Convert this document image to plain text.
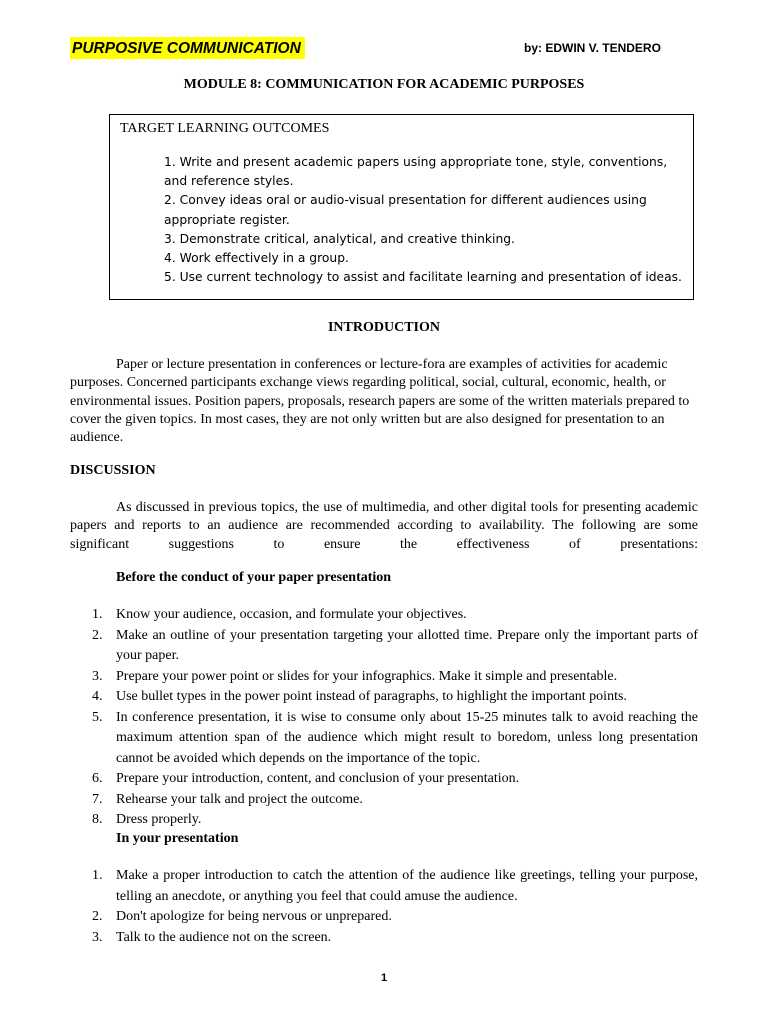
PURPOSIVE COMMUNICATION	by: EDWIN V. TENDERO
MODULE 8: COMMUNICATION FOR ACADEMIC PURPOSES
TARGET LEARNING OUTCOMES
1. Write and present academic papers using appropriate tone, style, conventions, and reference styles.
2. Convey ideas oral or audio-visual presentation for different audiences using appropriate register.
3. Demonstrate critical, analytical, and creative thinking.
4. Work effectively in a group.
5. Use current technology to assist and facilitate learning and presentation of ideas.
INTRODUCTION
Paper or lecture presentation in conferences or lecture-fora are examples of activities for academic purposes. Concerned participants exchange views regarding political, social, cultural, economic, health, or environmental issues. Position papers, proposals, research papers are some of the written materials prepared to cover the given topics. In most cases, they are not only written but are also designed for presentation to an audience.
DISCUSSION
As discussed in previous topics, the use of multimedia, and other digital tools for presenting academic papers and reports to an audience are recommended according to availability. The following are some significant suggestions to ensure the effectiveness of presentations:
Before the conduct of your paper presentation
1. Know your audience, occasion, and formulate your objectives.
2. Make an outline of your presentation targeting your allotted time. Prepare only the important parts of your paper.
3. Prepare your power point or slides for your infographics. Make it simple and presentable.
4. Use bullet types in the power point instead of paragraphs, to highlight the important points.
5. In conference presentation, it is wise to consume only about 15-25 minutes talk to avoid reaching the maximum attention span of the audience which might result to boredom, unless long presentation cannot be avoided which depends on the importance of the topic.
6. Prepare your introduction, content, and conclusion of your presentation.
7. Rehearse your talk and project the outcome.
8. Dress properly.
In your presentation
1. Make a proper introduction to catch the attention of the audience like greetings, telling your purpose, telling an anecdote, or anything you feel that could amuse the audience.
2. Don't apologize for being nervous or unprepared.
3. Talk to the audience not on the screen.
1
